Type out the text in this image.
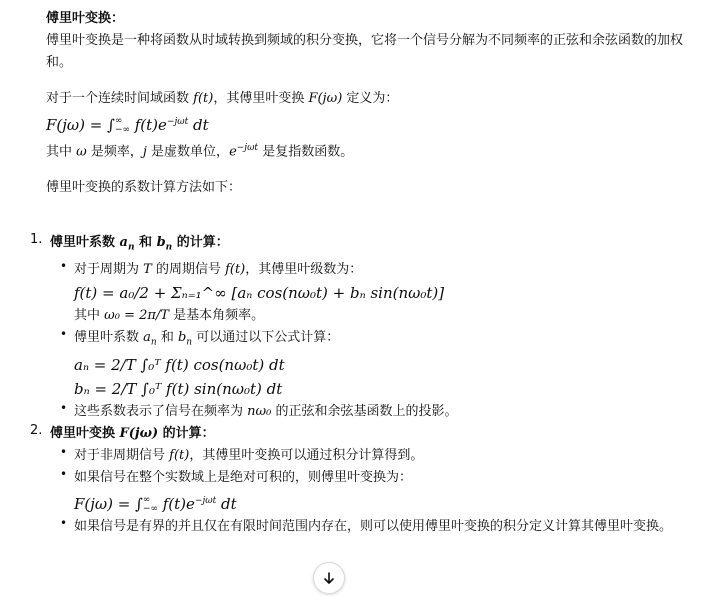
傅里叶变换：

傅里叶变换是一种将函数从时域转换到频域的积分变换，它将一个信号分解为不同频率的正弦和余弦函数的加权和。

对于一个连续时间域函数 f(t)，其傅里叶变换 F(jω) 定义为：

F(jω) = ∫ ∞
−∞ $f(t)e^{-j\omega t}$ dt

其中 ω 是频率，j 是虚数单位，$e^{-j\omega t}$ 是复指数函数。

傅里叶变换的系数计算方法如下：

1. 傅里叶系数 $a_n$ 和 $b_n$ 的计算：

• 对于周期为 T 的周期信号 f(t)，其傅里叶级数为：

f(t) = a₀/2 + Σₙ₌₁^∞ [aₙ cos(nω₀t) + bₙ sin(nω₀t)]

其中 ω₀ = 2π/T 是基本角频率。

• 傅里叶系数 $a_n$ 和 $b_n$ 可以通过以下公式计算：

aₙ = 2/T ∫₀ᵀ f(t) cos(nω₀t) dt
bₙ = 2/T ∫₀ᵀ f(t) sin(nω₀t) dt
• 这些系数表示了信号在频率为 nω₀ 的正弦和余弦基函数上的投影。

2. 傅里叶变换 F(jω) 的计算：

• 对于非周期信号 f(t)，其傅里叶变换可以通过积分计算得到。

• 如果信号在整个实数域上是绝对可积的，则傅里叶变换为：

F(jω) = ∫ ∞
−∞ $f(t)e^{-j\omega t}$ dt
• 如果信号是有界的并且仅在有限时间范围内存在，则可以使用傅里叶变换的积分定义计算其傅里叶变换。
